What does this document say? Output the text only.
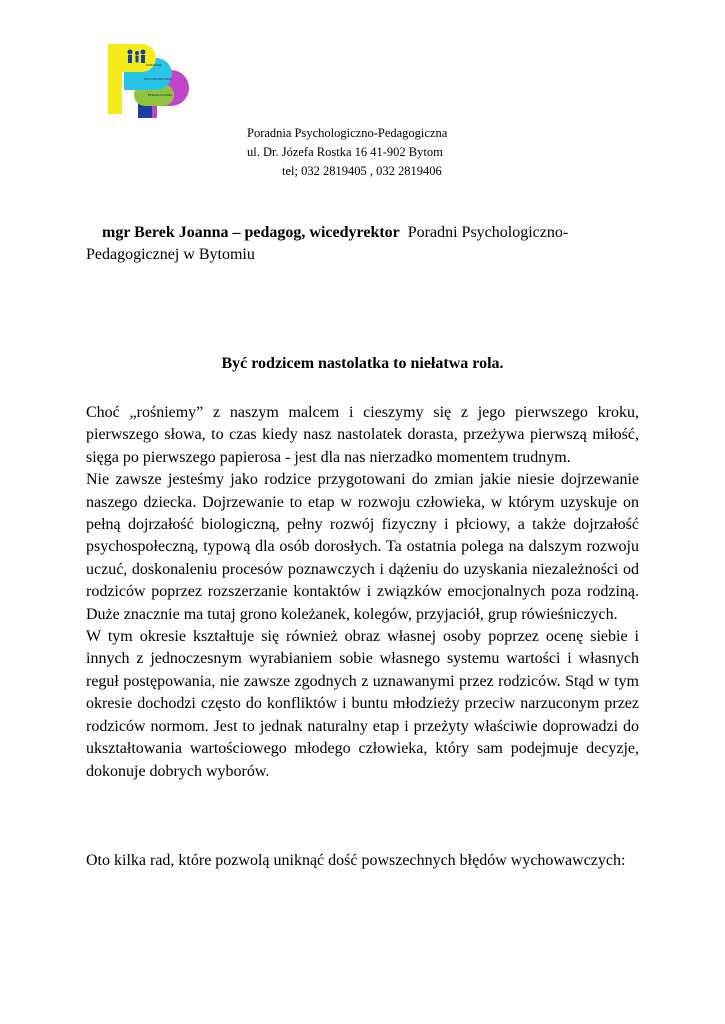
PORADNIA
PSYCHOLOGICZNO
PEDAGOGICZNA
Poradnia Psychologiczno-Pedagogiczna
ul. Dr. Józefa Rostka 16 41-902 Bytom
tel; 032 2819405 , 032 2819406
mgr Berek Joanna – pedagog, wicedyrektor Poradni Psychologiczno-Pedagogicznej w Bytomiu
Być rodzicem nastolatka to niełatwa rola.

Choć „rośniemy” z naszym malcem i cieszymy się z jego pierwszego kroku, pierwszego słowa, to czas kiedy nasz nastolatek dorasta, przeżywa pierwszą miłość, sięga po pierwszego papierosa - jest dla nas nierzadko momentem trudnym.

Nie zawsze jesteśmy jako rodzice przygotowani do zmian jakie niesie dojrzewanie naszego dziecka. Dojrzewanie to etap w rozwoju człowieka, w którym uzyskuje on pełną dojrzałość biologiczną, pełny rozwój fizyczny i płciowy, a także dojrzałość psychospołeczną, typową dla osób dorosłych. Ta ostatnia polega na dalszym rozwoju uczuć, doskonaleniu procesów poznawczych i dążeniu do uzyskania niezależności od rodziców poprzez rozszerzanie kontaktów i związków emocjonalnych poza rodziną. Duże znacznie ma tutaj grono koleżanek, kolegów, przyjaciół, grup rówieśniczych.

W tym okresie kształtuje się również obraz własnej osoby poprzez ocenę siebie i innych z jednoczesnym wyrabianiem sobie własnego systemu wartości i własnych reguł postępowania, nie zawsze zgodnych z uznawanymi przez rodziców. Stąd w tym okresie dochodzi często do konfliktów i buntu młodzieży przeciw narzuconym przez rodziców normom. Jest to jednak naturalny etap i przeżyty właściwie doprowadzi do ukształtowania wartościowego młodego człowieka, który sam podejmuje decyzje, dokonuje dobrych wyborów.

Oto kilka rad, które pozwolą uniknąć dość powszechnych błędów wychowawczych:
